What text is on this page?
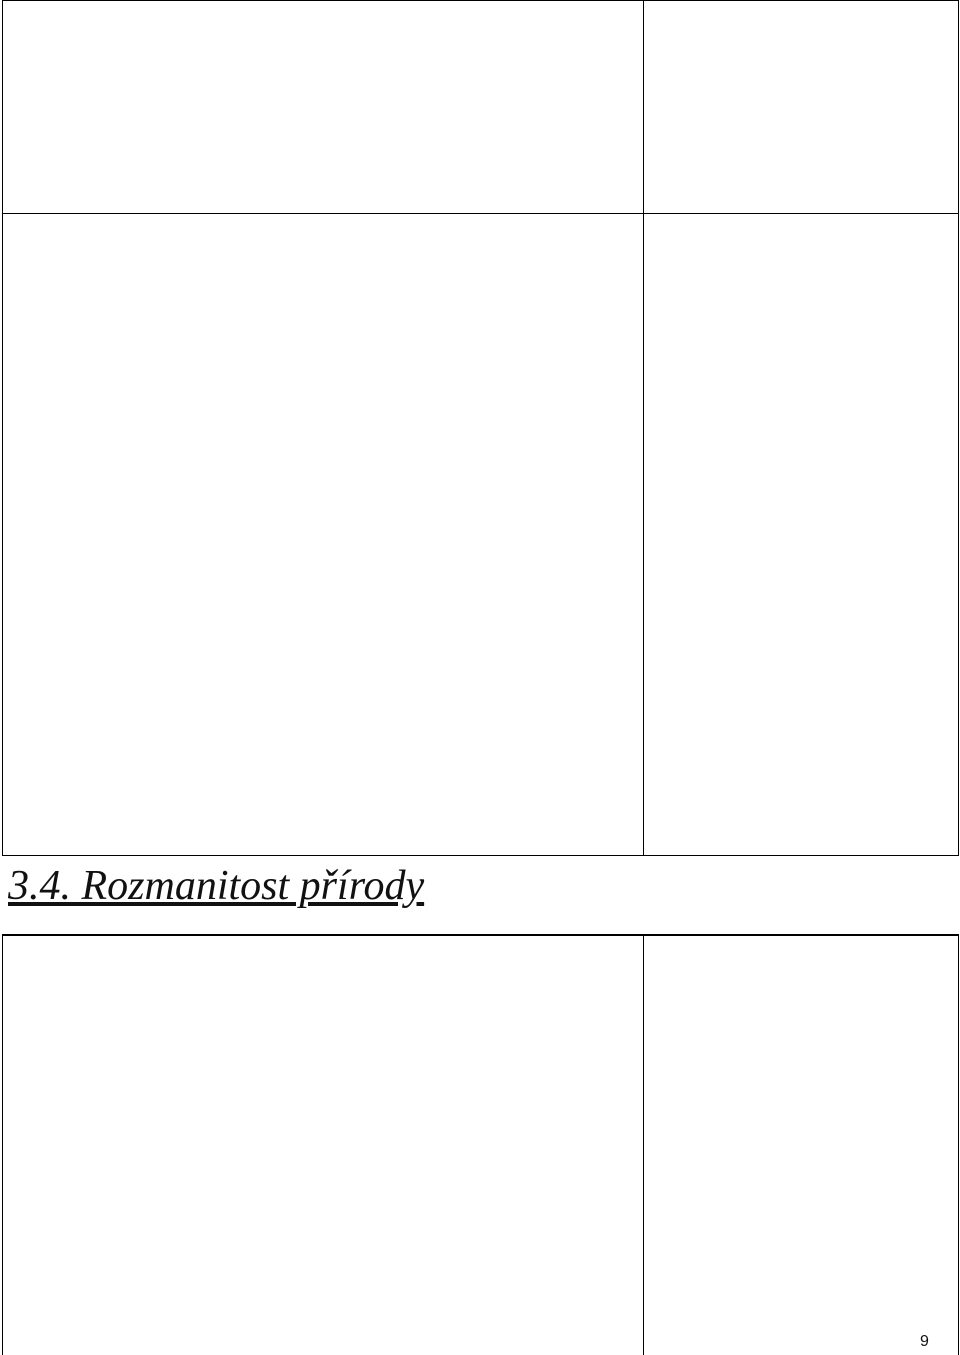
3.4. Rozmanitost přírody
9
